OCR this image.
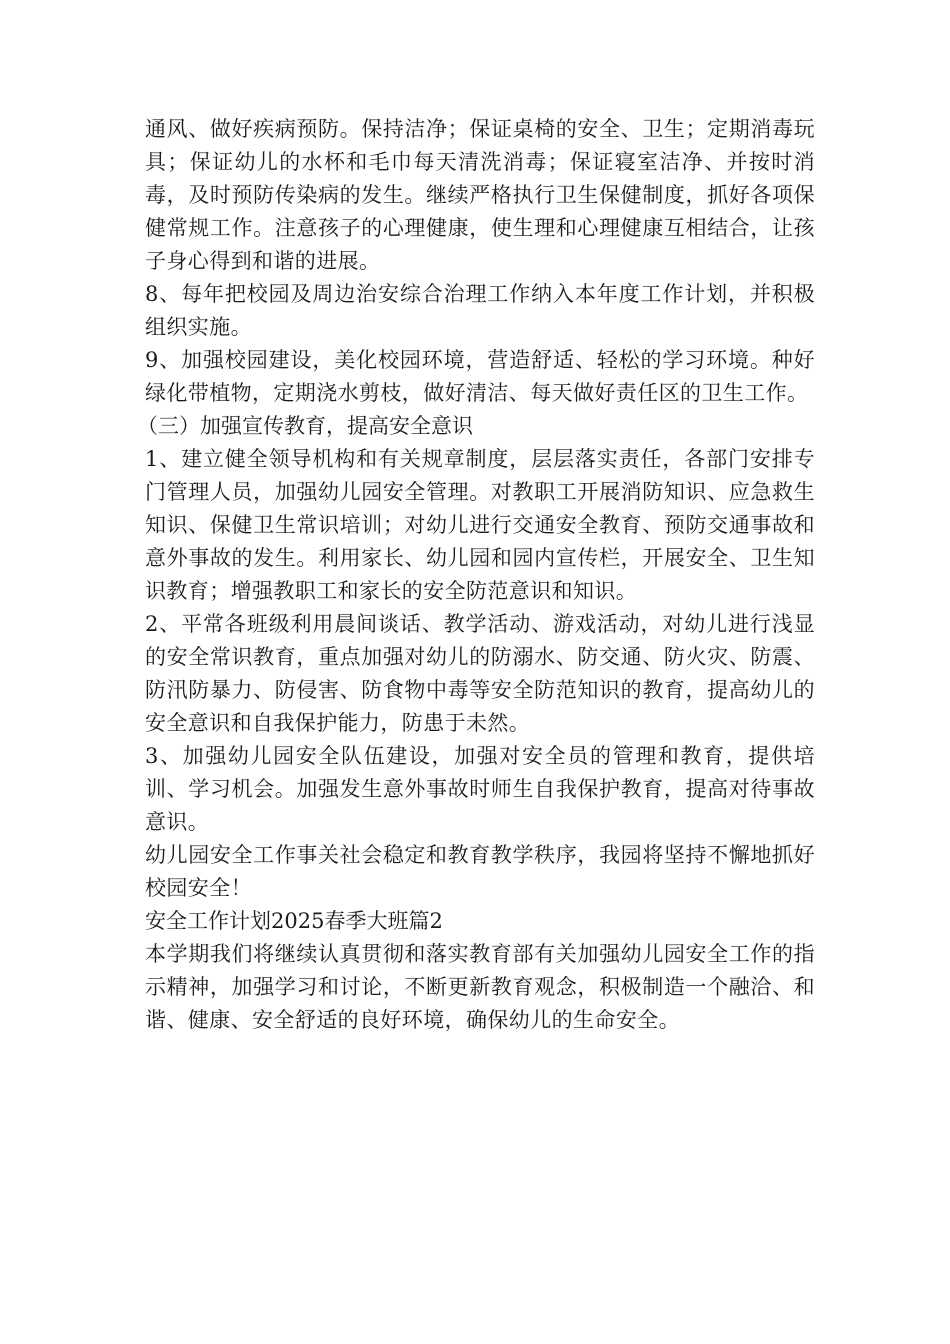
通风、做好疾病预防。保持洁净；保证桌椅的安全、卫生；定期消毒玩具；保证幼儿的水杯和毛巾每天清洗消毒；保证寝室洁净、并按时消毒，及时预防传染病的发生。继续严格执行卫生保健制度，抓好各项保健常规工作。注意孩子的心理健康，使生理和心理健康互相结合，让孩子身心得到和谐的进展。

8、每年把校园及周边治安综合治理工作纳入本年度工作计划，并积极组织实施。

9、加强校园建设，美化校园环境，营造舒适、轻松的学习环境。种好绿化带植物，定期浇水剪枝，做好清洁、每天做好责任区的卫生工作。

（三）加强宣传教育，提高安全意识

1、建立健全领导机构和有关规章制度，层层落实责任，各部门安排专门管理人员，加强幼儿园安全管理。对教职工开展消防知识、应急救生知识、保健卫生常识培训；对幼儿进行交通安全教育、预防交通事故和意外事故的发生。利用家长、幼儿园和园内宣传栏，开展安全、卫生知识教育；增强教职工和家长的安全防范意识和知识。

2、平常各班级利用晨间谈话、教学活动、游戏活动，对幼儿进行浅显的安全常识教育，重点加强对幼儿的防溺水、防交通、防火灾、防震、防汛防暴力、防侵害、防食物中毒等安全防范知识的教育，提高幼儿的安全意识和自我保护能力，防患于未然。

3、加强幼儿园安全队伍建设，加强对安全员的管理和教育，提供培训、学习机会。加强发生意外事故时师生自我保护教育，提高对待事故意识。

幼儿园安全工作事关社会稳定和教育教学秩序，我园将坚持不懈地抓好校园安全！

安全工作计划2025春季大班篇2

本学期我们将继续认真贯彻和落实教育部有关加强幼儿园安全工作的指示精神，加强学习和讨论，不断更新教育观念，积极制造一个融洽、和谐、健康、安全舒适的良好环境，确保幼儿的生命安全。
